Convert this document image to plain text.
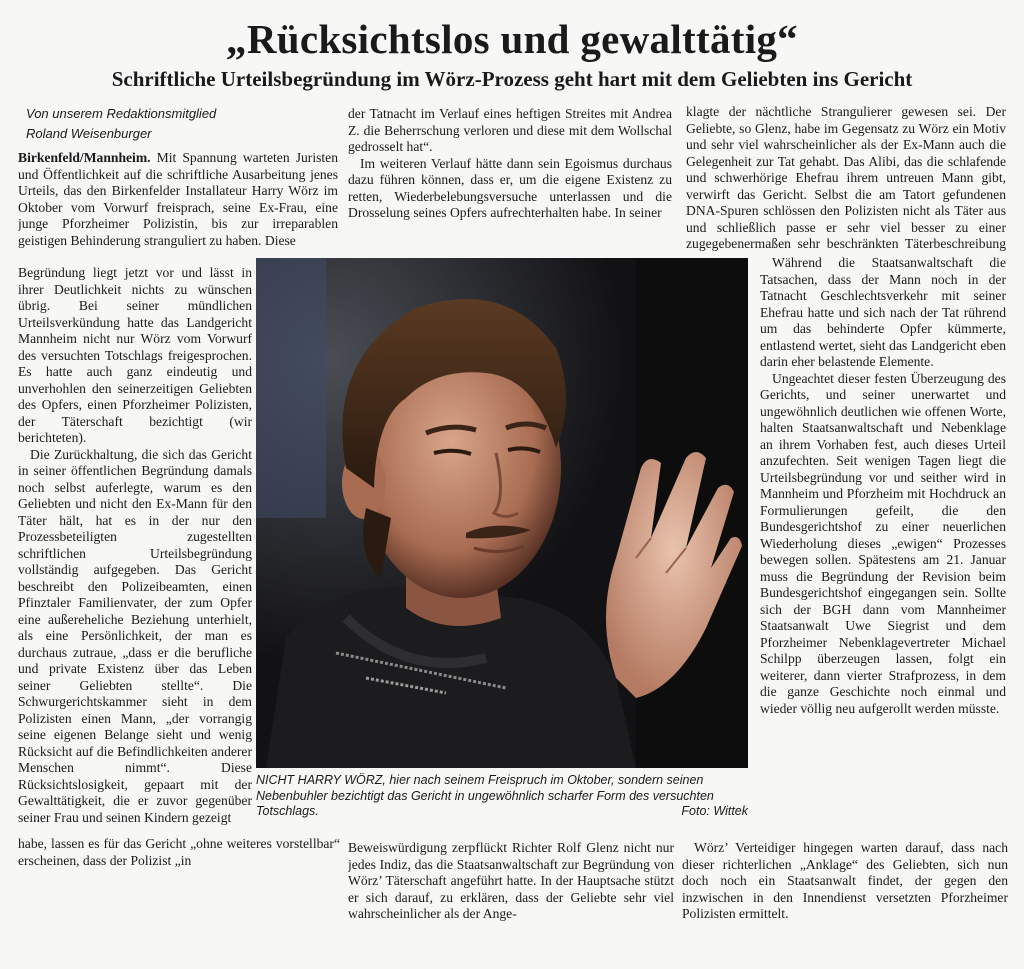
„Rücksichtslos und gewalttätig“
Schriftliche Urteilsbegründung im Wörz-Prozess geht hart mit dem Geliebten ins Gericht
Von unserem Redaktionsmitglied
Roland Weisenburger

Birkenfeld/Mannheim. Mit Spannung warteten Juristen und Öffentlichkeit auf die schriftliche Ausarbeitung jenes Urteils, das den Birkenfelder Installateur Harry Wörz im Oktober vom Vorwurf freisprach, seine Ex-Frau, eine junge Pforzheimer Polizistin, bis zur irreparablen geistigen Behinderung stranguliert zu haben. Diese

Begründung liegt jetzt vor und lässt in ihrer Deutlichkeit nichts zu wünschen übrig. Bei seiner mündlichen Urteilsverkündung hatte das Landgericht Mannheim nicht nur Wörz vom Vorwurf des versuchten Totschlags freigesprochen. Es hatte auch ganz eindeutig und unverhohlen den seinerzeitigen Geliebten des Opfers, einen Pforzheimer Polizisten, der Täterschaft bezichtigt (wir berichteten).
Die Zurückhaltung, die sich das Gericht in seiner öffentlichen Begründung damals noch selbst auferlegte, warum es den Geliebten und nicht den Ex-Mann für den Täter hält, hat es in der nur den Prozessbeteiligten zugestellten schriftlichen Urteilsbegründung vollständig aufgegeben. Das Gericht beschreibt den Polizeibeamten, einen Pfinztaler Familienvater, der zum Opfer eine außereheliche Beziehung unterhielt, als eine Persönlichkeit, der man es durchaus zutraue, „dass er die berufliche und private Existenz über das Leben seiner Geliebten stellte“. Die Schwurgerichtskammer sieht in dem Polizisten einen Mann, „der vorrangig seine eigenen Belange sieht und wenig Rücksicht auf die Befindlichkeiten anderer Menschen nimmt“. Diese Rücksichtslosigkeit, gepaart mit der Gewalttätigkeit, die er zuvor gegenüber seiner Frau und seinen Kindern gezeigt

der Tatnacht im Verlauf eines heftigen Streites mit Andrea Z. die Beherrschung verloren und diese mit dem Wollschal gedrosselt hat“.

Im weiteren Verlauf hätte dann sein Egoismus durchaus dazu führen können, dass er, um die eigene Existenz zu retten, Wiederbelebungsversuche unterlassen und die Drosselung seines Opfers aufrechterhalten habe. In seiner

klagte der nächtliche Strangulierer gewesen sei. Der Geliebte, so Glenz, habe im Gegensatz zu Wörz ein Motiv und sehr viel wahrscheinlicher als der Ex-Mann auch die Gelegenheit zur Tat gehabt. Das Alibi, das die schlafende und schwerhörige Ehefrau ihrem untreuen Mann gibt, verwirft das Gericht. Selbst die am Tatort gefundenen DNA-Spuren schlössen den Polizisten nicht als Täter aus und schließlich passe er sehr viel besser zu einer zugegebenermaßen sehr beschränkten Täterbeschreibung

Während die Staatsanwaltschaft die Tatsachen, dass der Mann noch in der Tatnacht Geschlechtsverkehr mit seiner Ehefrau hatte und sich nach der Tat rührend um das behinderte Opfer kümmerte, entlastend wertet, sieht das Landgericht eben darin eher belastende Elemente.

Ungeachtet dieser festen Überzeugung des Gerichts, und seiner unerwartet und ungewöhnlich deutlichen wie offenen Worte, halten Staatsanwaltschaft und Nebenklage an ihrem Vorhaben fest, auch dieses Urteil anzufechten. Seit wenigen Tagen liegt die Urteilsbegründung vor und seither wird in Mannheim und Pforzheim mit Hochdruck an Formulierungen gefeilt, die den Bundesgerichtshof zu einer neuerlichen Wiederholung dieses „ewigen“ Prozesses bewegen sollen. Spätestens am 21. Januar muss die Begründung der Revision beim Bundesgerichtshof eingegangen sein. Sollte sich der BGH dann vom Mannheimer Staatsanwalt Uwe Siegrist und dem Pforzheimer Nebenklagevertreter Michael Schilpp überzeugen lassen, folgt ein weiterer, dann vierter Strafprozess, in dem die ganze Geschichte noch einmal und wieder völlig neu aufgerollt werden müsste.

NICHT HARRY WÖRZ, hier nach seinem Freispruch im Oktober, sondern seinen Nebenbuhler bezichtigt das Gericht in ungewöhnlich scharfer Form des versuchten Totschlags.	Foto: Wittek

habe, lassen es für das Gericht „ohne weiteres vorstellbar“ erscheinen, dass der Polizist „in

Beweiswürdigung zerpflückt Richter Rolf Glenz nicht nur jedes Indiz, das die Staatsanwaltschaft zur Begründung von Wörz’ Täterschaft angeführt hatte. In der Hauptsache stützt er sich darauf, zu erklären, dass der Geliebte sehr viel wahrscheinlicher als der Ange-

Wörz’ Verteidiger hingegen warten darauf, dass nach dieser richterlichen „Anklage“ des Geliebten, sich nun doch noch ein Staatsanwalt findet, der gegen den inzwischen in den Innendienst versetzten Pforzheimer Polizisten ermittelt.
